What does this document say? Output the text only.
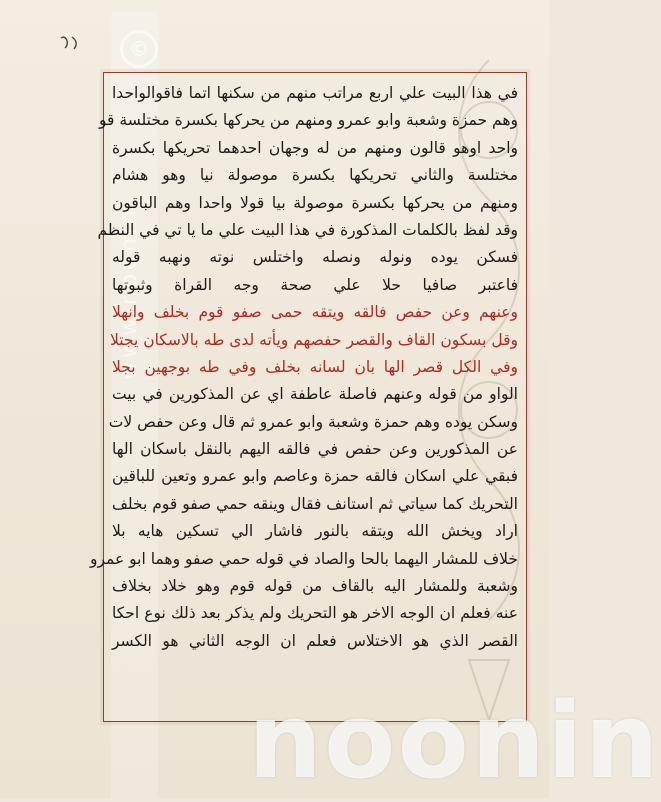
©
www.noonin
في هذا البيت علي اربع مراتب منهم من سكنها اتما فاقوالواحدا
وهم حمزة وشعبة وابو عمرو ومنهم من يحركها بكسرة مختلسة قو
واحد اوهو قالون ومنهم من له وجهان احدهما تحريكها بكسرة
مختلسة والثاني تحريكها بكسرة موصولة نيا وهو هشام
ومنهم من يحركها بكسرة موصولة بيا قولا واحدا وهم الباقون
وقد لفظ بالكلمات المذكورة في هذا البيت علي ما يا تي في النظم
فسكن يوده ونوله ونصله واختلس نوته ونهبه قوله
فاعتبر صافيا حلا علي صحة وجه القراة وثبوتها
وعنهم وعن حفص فالقه ويتقه حمى صفو قوم بخلف وانهلا
وقل بسكون القاف والقصر حفصهم ويأته لدى طه بالاسكان يجتلا
وفي الكل قصر الها بان لسانه بخلف وفي طه بوجهين بجلا
الواو من قوله وعنهم فاصلة عاطفة اي عن المذكورين في بيت
وسكن يوده وهم حمزة وشعبة وابو عمرو ثم قال وعن حفص لات
عن المذكورين وعن حفص في فالقه اليهم بالنقل باسكان الها
فبقي علي اسكان فالقه حمزة وعاصم وابو عمرو وتعين للباقين
التحريك كما سياتي ثم استانف فقال وينقه حمي صفو قوم بخلف
اراد ويخش الله ويتقه بالنور فاشار الي تسكين هايه بلا
خلاف للمشار اليهما بالحا والصاد في قوله حمي صفو وهما ابو عمرو
وشعبة وللمشار اليه بالقاف من قوله قوم وهو خلاد بخلاف
عنه فعلم ان الوجه الاخر هو التحريك ولم يذكر بعد ذلك نوع احكا
القصر الذي هو الاختلاس فعلم ان الوجه الثاني هو الكسر
noonin
